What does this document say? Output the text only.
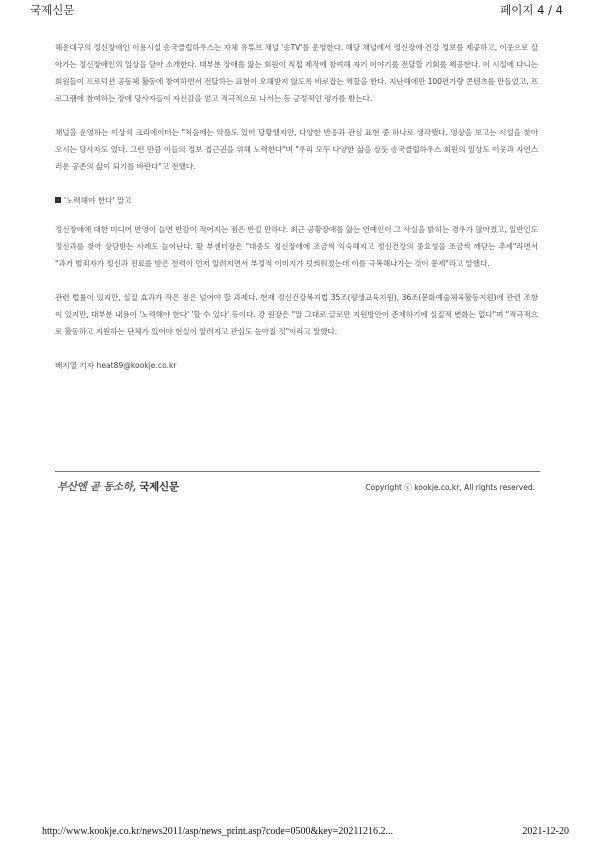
국제신문	페이지 4 / 4

해운대구의 정신장애인 이용시설 송국클럽하우스는 자체 유튜브 채널 '송TV'를 운영한다. 해당 채널에서 정신장애·건강 정보를 제공하고, 이웃으로 살아가는 정신장애인의 일상을 담아 소개한다. 대부분 장애를 앓는 회원이 직접 제작에 참여해 자기 이야기를 전달할 기회를 제공한다. 이 시설에 다니는 회원들이 프로덕션 공동체 활동에 참여하면서 전달하는 표현이 오해받지 않도록 바로잡는 역할을 한다. 지난해에만 100편가량 콘텐츠를 만들었고, 프로그램에 참여하는 장애 당사자들이 자신감을 얻고 적극적으로 나서는 등 긍정적인 평가를 받는다.

채널을 운영하는 이상석 크리에이터는 "처음에는 악플도 있어 당황했지만, 다양한 반응과 관심 표현 중 하나로 생각했다. 영상을 보고는 시설을 찾아오시는 당사자도 있다. 그런 만큼 이들의 정보 접근권을 위해 노력한다"며 "우리 모두 다양한 삶을 살듯 송국클럽하우스 회원의 일상도 이웃과 자연스러운 공존의 삶이 되기를 바란다"고 전했다.

'노력해야 한다' 말고

정신장애에 대한 미디어 반영이 늘면 반감이 적어지는 점은 반길 만하다. 최근 공황장애를 앓는 연예인이 그 사실을 밝히는 경우가 많아졌고, 일반인도 정신과를 찾아 상담받는 사례도 늘어난다. 황 부센터장은 "대중도 정신장애에 조금씩 익숙해지고 정신건강의 중요성을 조금씩 깨닫는 추세"라면서 "과거 범죄자가 정신과 진료를 받은 전력이 먼저 알려지면서 부정적 이미지가 덧씌워졌는데 이를 극복해나가는 것이 문제"라고 말했다.

관련 법률이 있지만, 실질 효과가 작은 점은 넘어야 할 과제다. 현재 정신건강복지법 35조(평생교육지원), 36조(문화예술체육활동지원)에 관련 조항이 있지만, 대부분 내용이 '노력해야 한다' '할 수 있다' 등이다. 강 원장은 "말 그대로 글로만 지원방안이 존재하기에 실질적 변화는 없다"며 "적극적으로 활동하고 지원하는 단체가 있어야 현실이 알려지고 관심도 높아질 것"이라고 말했다.

배지열 기자 heat89@kookje.co.kr

부산엔 곧 동소하, 국제신문	Copyright ⓒ kookje.co.kr, All rights reserved.
http://www.kookje.co.kr/news2011/asp/news_print.asp?code=0500&key=20211216.2...	2021-12-20
